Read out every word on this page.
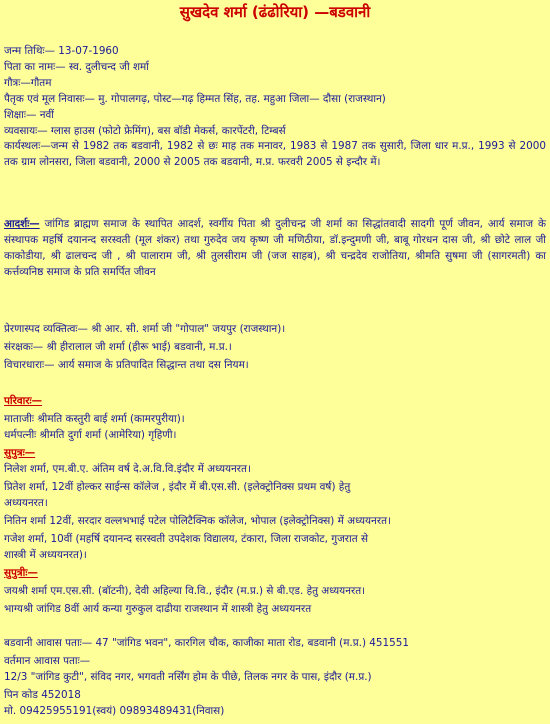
सुखदेव शर्मा (ढंढोरिया) —बडवानी
जन्म तिथिः— 13-07-1960
पिता का नामः— स्व. दुलीचन्द जी शर्मा
गौत्रः—गौतम
पैतृक एवं मूल निवासः— मु. गोपालगढ़, पोस्ट—गढ़ हिम्मत सिंह, तह. महुआ जिला— दौसा (राजस्थान)
शिक्षाः— नवीं
व्यवसायः— ग्लास हाउस (फोटो फ्रेमिंग), बस बॉडी मेकर्स, कारपेंटरी, टिम्बर्स
कार्यस्थलः—जन्म से 1982 तक बडवानी, 1982 से छः माह तक मनावर, 1983 से 1987 तक सुसारी, जिला धार म.प्र., 1993 से 2000 तक ग्राम लोनसरा, जिला बडवानी, 2000 से 2005 तक बडवानी, म.प्र. फरवरी 2005 से इन्दौर में।
आदर्शः— जांगिड ब्राह्मण समाज के स्थापित आदर्श, स्वर्गीय पिता श्री दुलीचन्द्र जी शर्मा का सिद्धांतवादी सादगी पूर्ण जीवन, आर्य समाज के संस्थापक महर्षि दयानन्द सरस्वती (मूल शंकर) तथा गुरुदेव जय कृष्ण जी मणिठीया, डॉ.इन्दुमणी जी, बाबू गोरधन दास जी, श्री छोटे लाल जी काकोडीया, श्री ढालचन्द जी , श्री पालाराम जी, श्री तुलसीराम जी (जज साहब), श्री चन्द्रदेव राजोतिया, श्रीमति सुषमा जी (सागरमती) का कर्त्तव्यनिष्ठ समाज के प्रति समर्पित जीवन
प्रेरणास्पद व्यक्तित्वः— श्री आर. सी. शर्मा जी "गोपाल" जयपुर (राजस्थान)।
संरक्षकः— श्री हीरालाल जी शर्मा (हीरू भाई) बडवानी, म.प्र.।
विचारधाराः— आर्य समाज के प्रतिपादित सिद्धान्त तथा दस नियम।
परिवारः—
माताजीः श्रीमति कस्तुरी बाई शर्मा (कामरपुरीया)।
धर्मपत्नीः श्रीमति दुर्गा शर्मा (आमेरिया) गृहिणी।
सुपुत्रः—
निलेश शर्मा, एम.बी.ए. अंतिम वर्ष दे.अ.वि.वि.इंदौर में अध्ययनरत।
प्रितेश शर्मा, 12वीं होल्कर साईन्स कॉलेज , इंदौर में बी.एस.सी. (इलेक्ट्रोनिक्स प्रथम वर्ष) हेतु
अध्ययनरत।
नितिन शर्मा 12वीं, सरदार वल्लभभाई पटेल पोलिटैक्निक कॉलेज, भोपाल (इलेक्ट्रोनिक्स) में अध्ययनरत।
गजेश शर्मा, 10वीं (महर्षि दयानन्द सरस्वती उपदेशक विद्यालय, टंकारा, जिला राजकोट, गुजरात से
शास्त्री में अध्ययनरत)।
सुपुत्रीः—
जयश्री शर्मा एम.एस.सी. (बॉटनी), देवी अहिल्या वि.वि., इंदौर (म.प्र.) से बी.एड. हेतु अध्ययनरत।
भाग्यश्री जांगिड 8वीं आर्य कन्या गुरुकुल दाढीया राजस्थान में शास्त्री हेतु अध्ययनरत
बडवानी आवास पताः— 47 "जांगिड भवन", कारगिल चौक, काजीका माता रोड, बडवानी (म.प्र.) 451551
वर्तमान आवास पताः—
12/3 "जांगिड कुटी", संविद नगर, भगवती नर्सिंग होम के पीछे, तिलक नगर के पास, इंदौर (म.प्र.)
पिन कोड 452018
मो. 09425955191(स्वयं) 09893489431(निवास)
